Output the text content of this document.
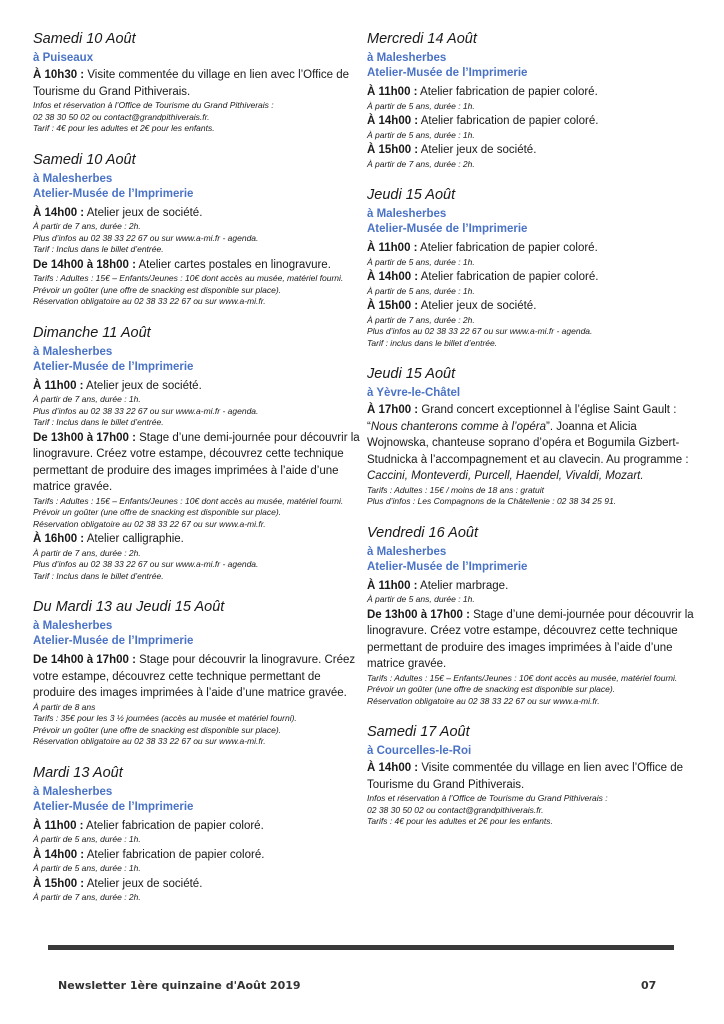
Samedi 10 Août
à Puiseaux
À 10h30 : Visite commentée du village en lien avec l’Office de Tourisme du Grand Pithiverais.
Infos et réservation à l’Office de Tourisme du Grand Pithiverais :
02 38 30 50 02 ou contact@grandpithiverais.fr.
Tarif : 4€ pour les adultes et 2€ pour les enfants.
Samedi 10 Août
à Malesherbes
Atelier-Musée de l’Imprimerie
À 14h00 : Atelier jeux de société.
À partir de 7 ans, durée : 2h.
Plus d’infos au 02 38 33 22 67 ou sur www.a-mi.fr - agenda.
Tarif : Inclus dans le billet d’entrée.
De 14h00 à 18h00 : Atelier cartes postales en linogravure.
Tarifs : Adultes : 15€ – Enfants/Jeunes : 10€ dont accès au musée, matériel fourni. Prévoir un goûter (une offre de snacking est disponible sur place).
Réservation obligatoire au 02 38 33 22 67 ou sur www.a-mi.fr.
Dimanche 11 Août
à Malesherbes
Atelier-Musée de l’Imprimerie
À 11h00 : Atelier jeux de société.
À partir de 7 ans, durée : 1h.
Plus d’infos au 02 38 33 22 67 ou sur www.a-mi.fr - agenda.
Tarif : Inclus dans le billet d’entrée.
De 13h00 à 17h00 : Stage d’une demi-journée pour découvrir la linogravure. Créez votre estampe, découvrez cette technique permettant de produire des images imprimées à l’aide d’une matrice gravée.
Tarifs : Adultes : 15€ – Enfants/Jeunes : 10€ dont accès au musée, matériel fourni. Prévoir un goûter (une offre de snacking est disponible sur place).
Réservation obligatoire au 02 38 33 22 67 ou sur www.a-mi.fr.
À 16h00 : Atelier calligraphie.
À partir de 7 ans, durée : 2h.
Plus d’infos au 02 38 33 22 67 ou sur www.a-mi.fr - agenda.
Tarif : Inclus dans le billet d’entrée.
Du Mardi 13 au Jeudi 15 Août
à Malesherbes
Atelier-Musée de l’Imprimerie
De 14h00 à 17h00 : Stage pour découvrir la linogravure. Créez votre estampe, découvrez cette technique permettant de produire des images imprimées à l’aide d’une matrice gravée.
À partir de 8 ans
Tarifs : 35€ pour les 3 ½ journées (accès au musée et matériel fourni).
Prévoir un goûter (une offre de snacking est disponible sur place).
Réservation obligatoire au 02 38 33 22 67 ou sur www.a-mi.fr.
Mardi 13 Août
à Malesherbes
Atelier-Musée de l’Imprimerie
À 11h00 : Atelier fabrication de papier coloré.
À partir de 5 ans, durée : 1h.
À 14h00 : Atelier fabrication de papier coloré.
À partir de 5 ans, durée : 1h.
À 15h00 : Atelier jeux de société.
À partir de 7 ans, durée : 2h.
Mercredi 14 Août
à Malesherbes
Atelier-Musée de l’Imprimerie
À 11h00 : Atelier fabrication de papier coloré.
À partir de 5 ans, durée : 1h.
À 14h00 : Atelier fabrication de papier coloré.
À partir de 5 ans, durée : 1h.
À 15h00 : Atelier jeux de société.
À partir de 7 ans, durée : 2h.
Jeudi 15 Août
à Malesherbes
Atelier-Musée de l’Imprimerie
À 11h00 : Atelier fabrication de papier coloré.
À partir de 5 ans, durée : 1h.
À 14h00 : Atelier fabrication de papier coloré.
À partir de 5 ans, durée : 1h.
À 15h00 : Atelier jeux de société.
À partir de 7 ans, durée : 2h.
Plus d’infos au 02 38 33 22 67 ou sur www.a-mi.fr - agenda.
Tarif : inclus dans le billet d’entrée.
Jeudi 15 Août
à Yèvre-le-Châtel
À 17h00 : Grand concert exceptionnel à l’église Saint Gault : “Nous chanterons comme à l’opéra”. Joanna et Alicia Wojnowska, chanteuse soprano d’opéra et Bogumila Gizbert-Studnicka à l’accompagnement et au clavecin. Au programme : Caccini, Monteverdi, Purcell, Haendel, Vivaldi, Mozart.
Tarifs : Adultes : 15€ / moins de 18 ans : gratuit
Plus d’infos : Les Compagnons de la Châtellenie : 02 38 34 25 91.
Vendredi 16 Août
à Malesherbes
Atelier-Musée de l’Imprimerie
À 11h00 : Atelier marbrage.
À partir de 5 ans, durée : 1h.
De 13h00 à 17h00 : Stage d’une demi-journée pour découvrir la linogravure. Créez votre estampe, découvrez cette technique permettant de produire des images imprimées à l’aide d’une matrice gravée.
Tarifs : Adultes : 15€ – Enfants/Jeunes : 10€ dont accès au musée, matériel fourni. Prévoir un goûter (une offre de snacking est disponible sur place).
Réservation obligatoire au 02 38 33 22 67 ou sur www.a-mi.fr.
Samedi 17 Août
à Courcelles-le-Roi
À 14h00 : Visite commentée du village en lien avec l’Office de Tourisme du Grand Pithiverais.
Infos et réservation à l’Office de Tourisme du Grand Pithiverais :
02 38 30 50 02 ou contact@grandpithiverais.fr.
Tarifs : 4€ pour les adultes et 2€ pour les enfants.
Newsletter 1ère quinzaine d'Août 2019	07
